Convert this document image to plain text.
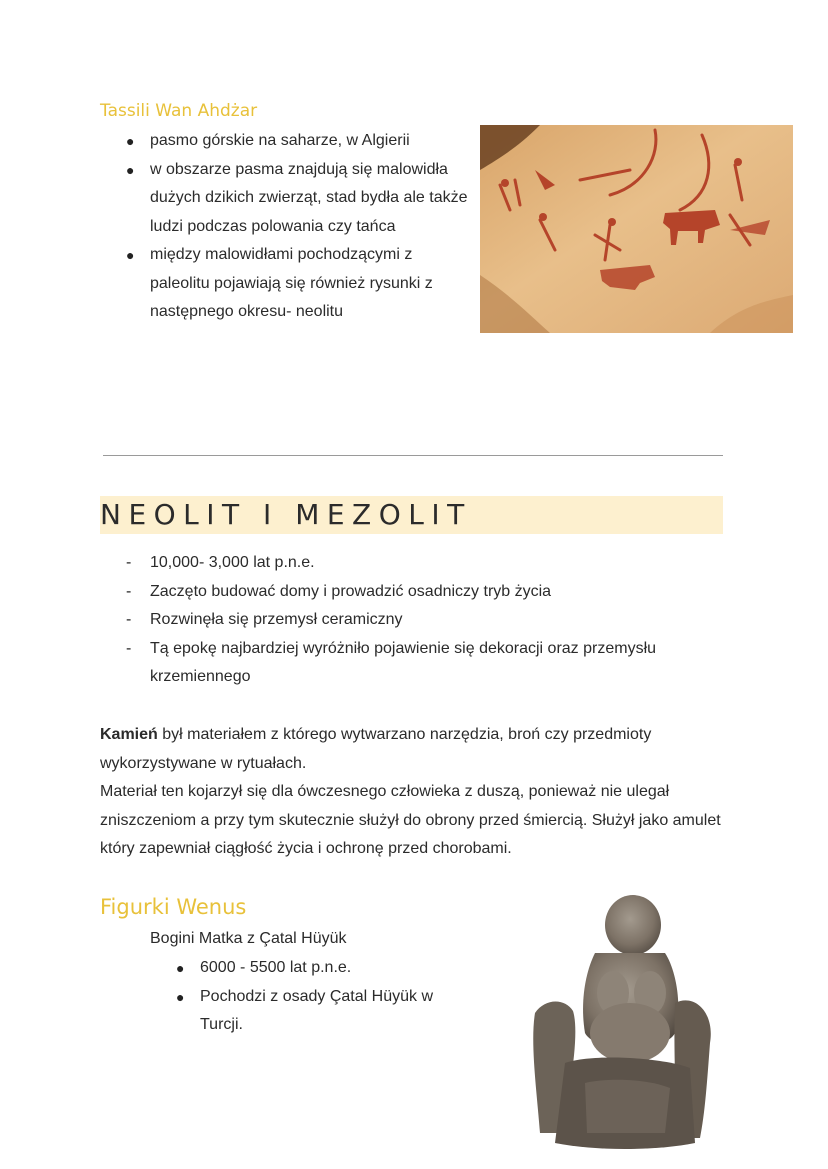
Tassili Wan Ahdżar
● pasmo górskie na saharze, w Algierii
● w obszarze pasma znajdują się malowidła dużych dzikich zwierząt, stad bydła ale także ludzi podczas polowania czy tańca
● między malowidłami pochodzącymi z paleolitu pojawiają się również rysunki z następnego okresu- neolitu
NEOLIT I MEZOLIT
- 10,000- 3,000 lat p.n.e.
- Zaczęto budować domy i prowadzić osadniczy tryb życia
- Rozwinęła się przemysł ceramiczny
- Tą epokę najbardziej wyróżniło pojawienie się dekoracji oraz przemysłu krzemiennego
Kamień był materiałem z którego wytwarzano narzędzia, broń czy przedmioty wykorzystywane w rytuałach.
Materiał ten kojarzył się dla ówczesnego człowieka z duszą, ponieważ nie ulegał zniszczeniom a przy tym skutecznie służył do obrony przed śmiercią. Służył jako amulet który zapewniał ciągłość życia i ochronę przed chorobami.
Figurki Wenus
Bogini Matka z Çatal Hüyük
● 6000 - 5500 lat p.n.e.
● Pochodzi z osady Çatal Hüyük w Turcji.
